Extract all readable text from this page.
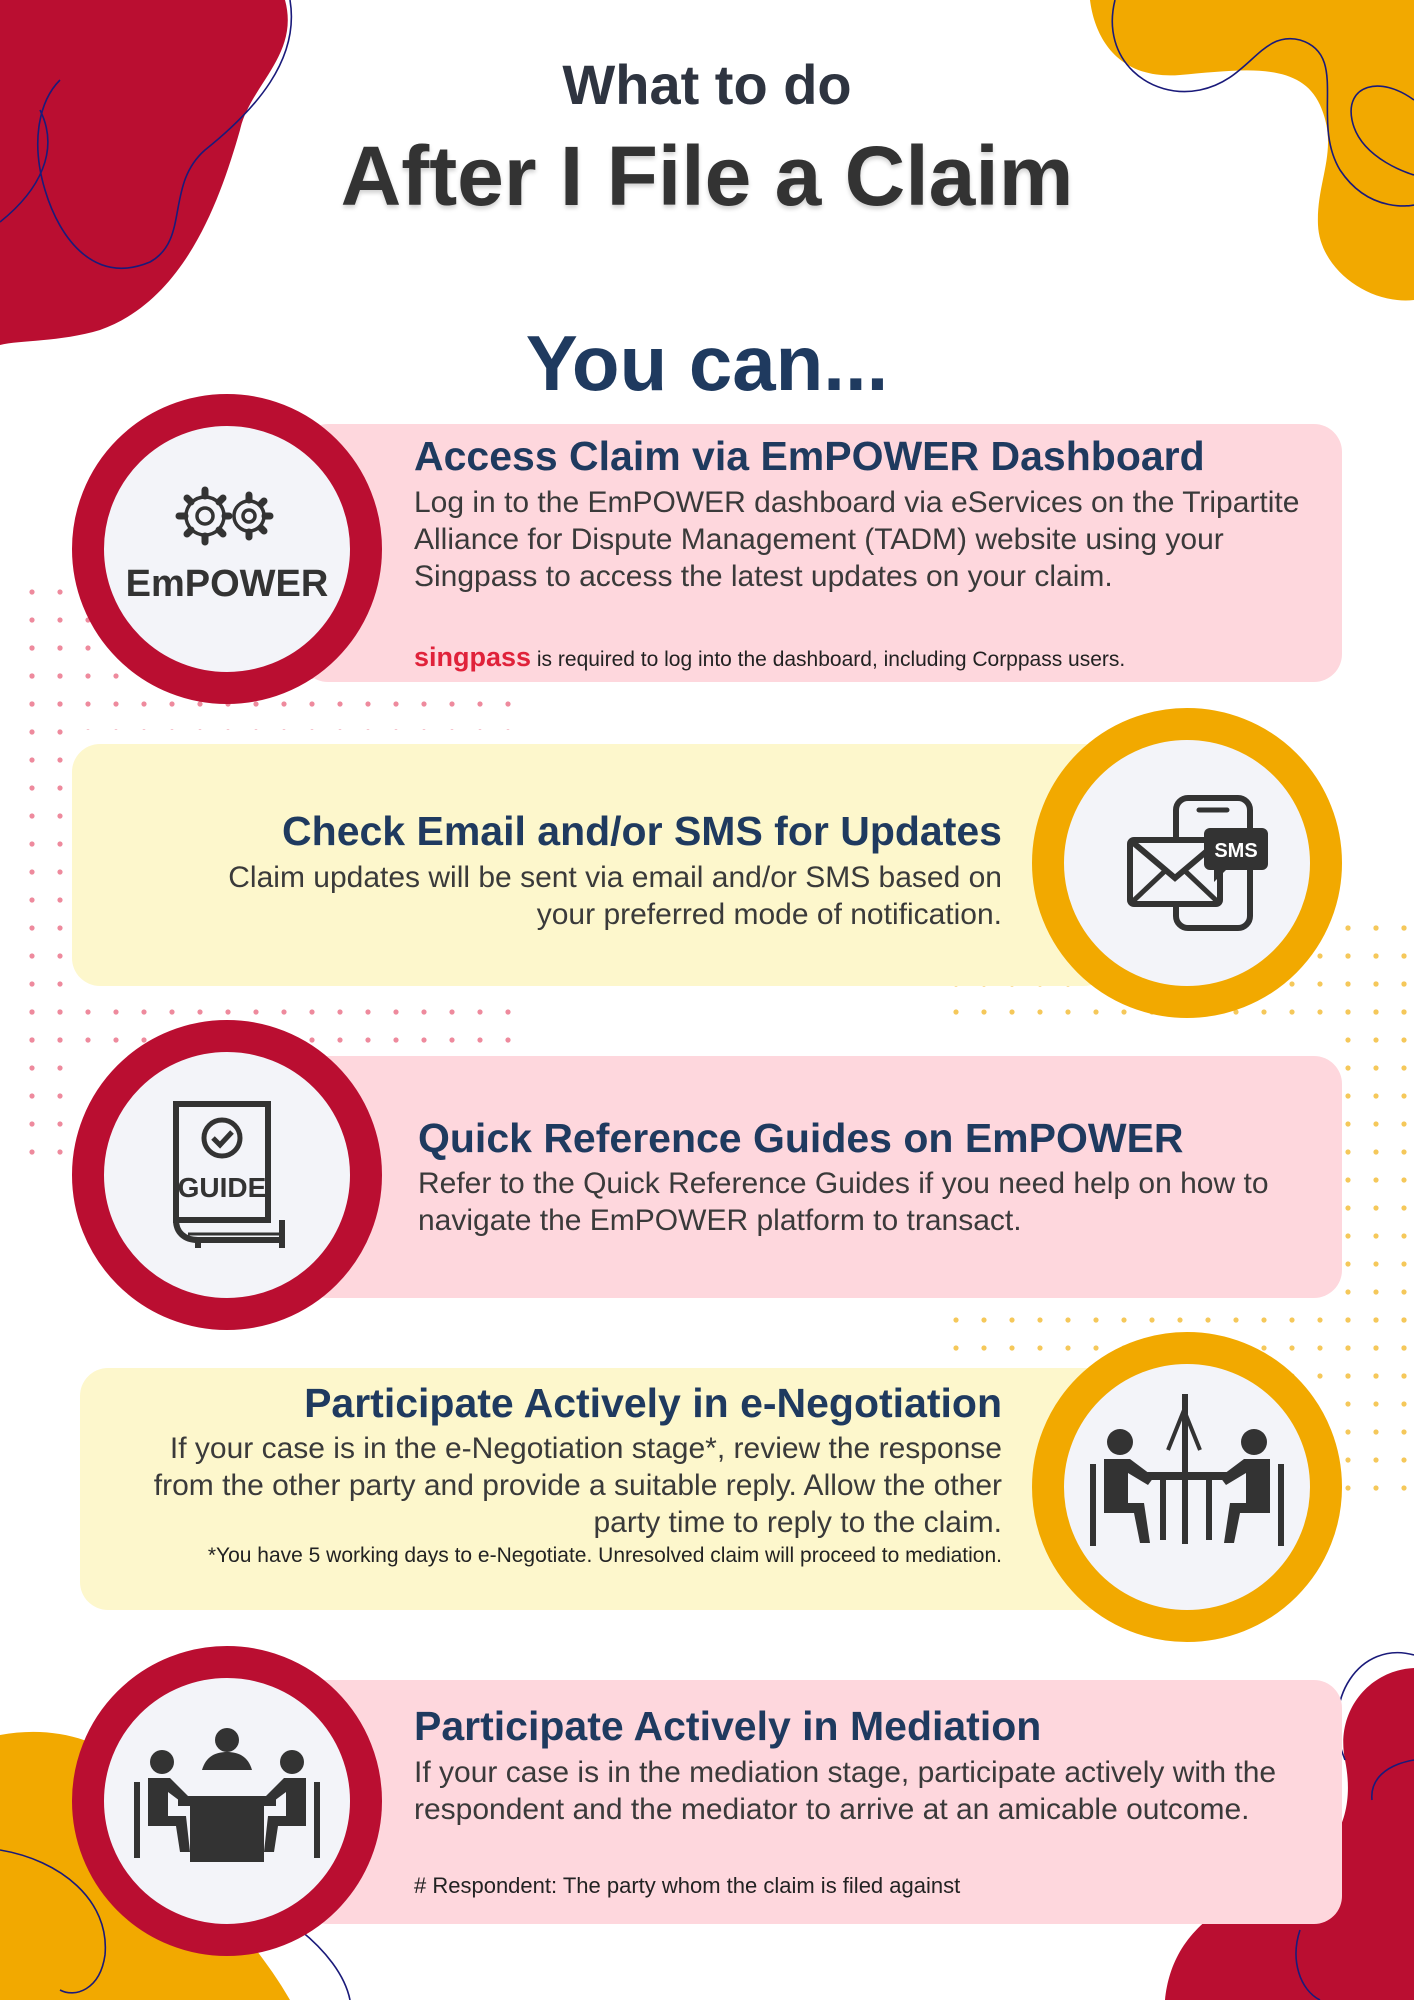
What to do
After I File a Claim
You can...
EmPOWER
Access Claim via EmPOWER Dashboard
Log in to the EmPOWER dashboard via eServices on the Tripartite Alliance for Dispute Management (TADM) website using your Singpass to access the latest updates on your claim.
singpass is required to log into the dashboard, including Corppass users.
SMS
Check Email and/or SMS for Updates
Claim updates will be sent via email and/or SMS based on your preferred mode of notification.
GUIDE
Quick Reference Guides on EmPOWER
Refer to the Quick Reference Guides if you need help on how to navigate the EmPOWER platform to transact.
Participate Actively in e-Negotiation
If your case is in the e-Negotiation stage*, review the response from the other party and provide a suitable reply. Allow the other party time to reply to the claim.
*You have 5 working days to e-Negotiate. Unresolved claim will proceed to mediation.
Participate Actively in Mediation
If your case is in the mediation stage, participate actively with the respondent and the mediator to arrive at an amicable outcome.
# Respondent: The party whom the claim is filed against
